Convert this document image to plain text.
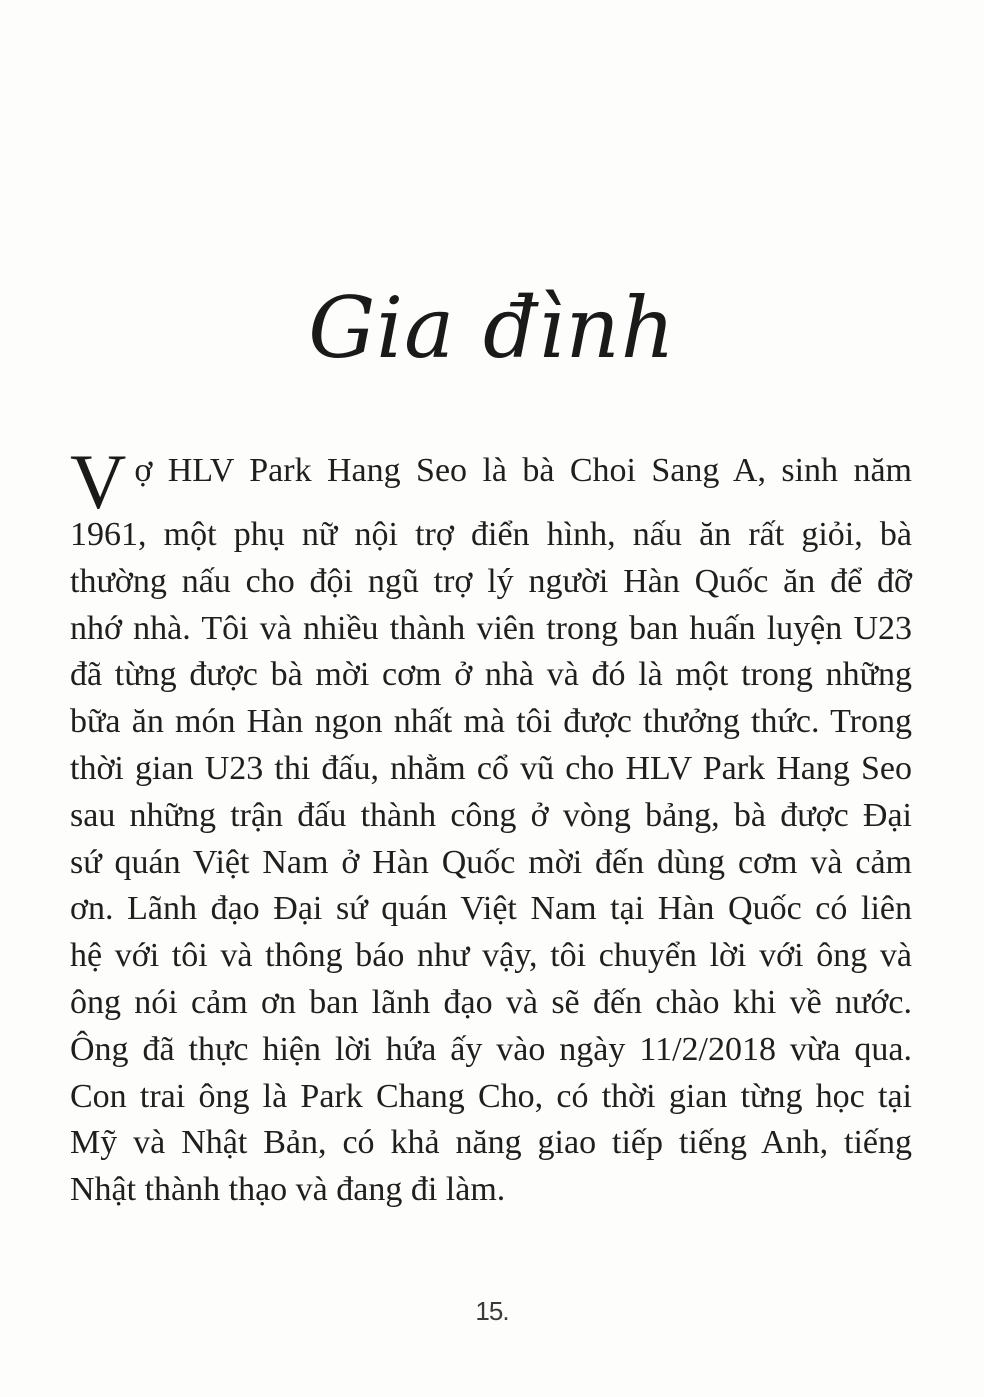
Gia đình
V ợ HLV Park Hang Seo là bà Choi Sang A, sinh năm
1961, một phụ nữ nội trợ điển hình, nấu ăn rất giỏi, bà
thường nấu cho đội ngũ trợ lý người Hàn Quốc ăn để đỡ
nhớ nhà. Tôi và nhiều thành viên trong ban huấn luyện U23
đã từng được bà mời cơm ở nhà và đó là một trong những
bữa ăn món Hàn ngon nhất mà tôi được thưởng thức. Trong
thời gian U23 thi đấu, nhằm cổ vũ cho HLV Park Hang Seo
sau những trận đấu thành công ở vòng bảng, bà được Đại
sứ quán Việt Nam ở Hàn Quốc mời đến dùng cơm và cảm
ơn. Lãnh đạo Đại sứ quán Việt Nam tại Hàn Quốc có liên
hệ với tôi và thông báo như vậy, tôi chuyển lời với ông và
ông nói cảm ơn ban lãnh đạo và sẽ đến chào khi về nước.
Ông đã thực hiện lời hứa ấy vào ngày 11/2/2018 vừa qua.
Con trai ông là Park Chang Cho, có thời gian từng học tại
Mỹ và Nhật Bản, có khả năng giao tiếp tiếng Anh, tiếng
Nhật thành thạo và đang đi làm.
15.
